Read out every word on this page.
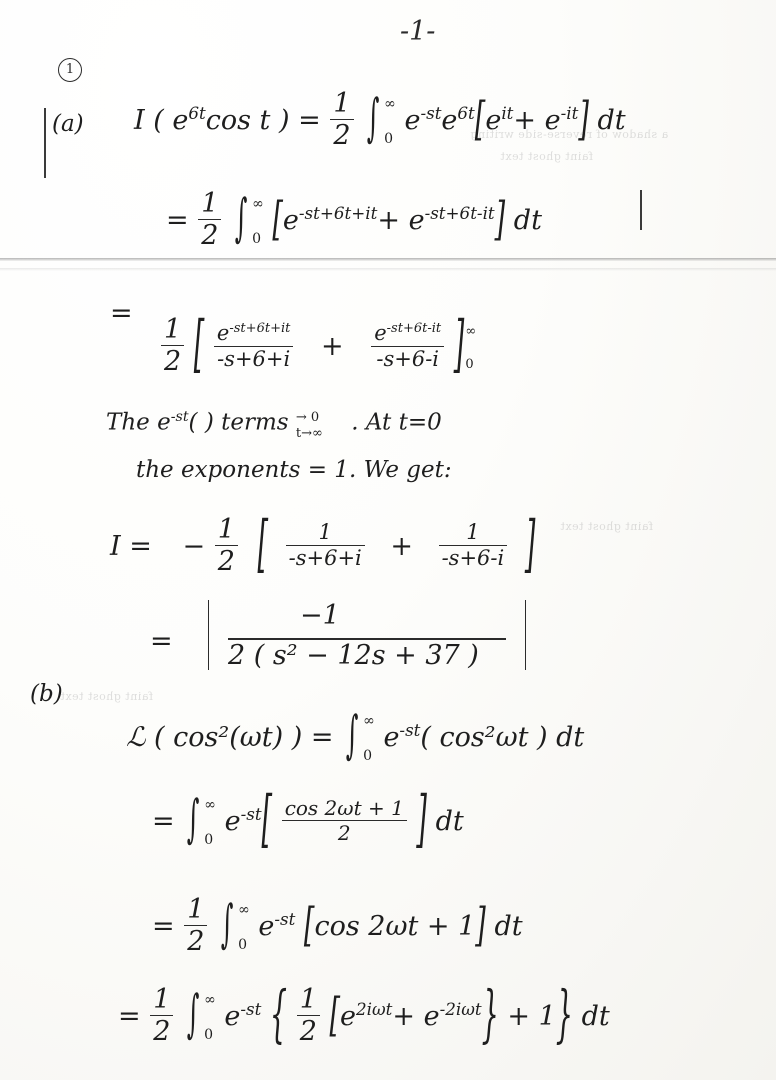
a shadow of reverse-side writing
faint ghost text
faint ghost text
faint ghost text
-1-
1
(a) I ( $e^{6t}\cos$ t ) = $\frac{1}{2}$ ∫ ∞
0
$e^{-st}e^{6t}[e^{it}+ e^{-it}]$ dt
= $\frac{1}{2}$ ∫ ∞
0 $[e^{-st+6t+it}+ e^{-st+6t-it}]$ dt
=
$\frac{1}{2}$ [ $\frac{e^{-st+6t+it}}{-s+6+i} + \frac{e^{-st+6t-it}}{-s+6-i}$ ] ∞
0
The $e^{-st}$( ) terms → 0
t→∞ . At t=0
the exponents = 1. We get:
I = − $\frac{1}{2}$ [ $\frac{1}{-s+6+i} + \frac{1}{-s+6-i}$ ]
=
−1
2 ( s² − 12s + 37 )
(b)
ℒ ( cos²(ωt) ) = ∫ ∞
0
$e^{-st}$( cos²ωt ) dt
= ∫ ∞
0
$e^{-st}[ \frac{\cos 2\omega t + 1}{2}$ ] dt
= $\frac{1}{2}$ ∫ ∞
0
$e^{-st}$ [cos 2ωt + 1] dt
= $\frac{1}{2}$ ∫ ∞
0
$e^{-st}$ { $\frac{1}{2} [e^{2i\omega t}+ e^{-2i\omega t}\} + 1$} dt
